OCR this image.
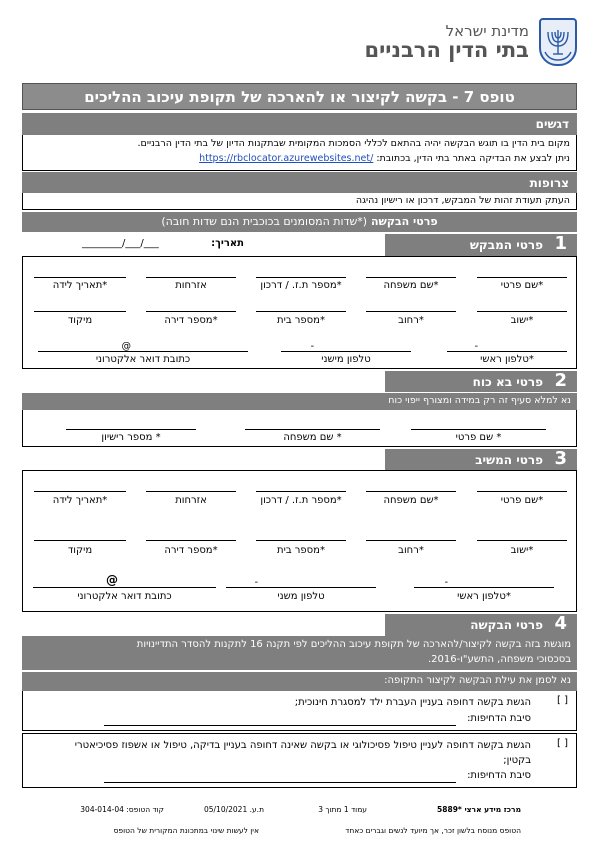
מדינת ישראל
בתי הדין הרבניים
טופס 7 - בקשה לקיצור או להארכה של תקופת עיכוב ההליכים
דגשים
מקום בית הדין בו תוגש הבקשה יהיה בהתאם לכללי הסמכות המקומית שבתקנות הדיון של בתי הדין הרבניים.
ניתן לבצע את הבדיקה באתר בתי הדין, בכתובת: https://rbclocator.azurewebsites.net/
צרופות
העתק תעודת זהות של המבקש, דרכון או רישיון נהיגה
פרטי הבקשה (*שדות המסומנים בכוכבית הנם שדות חובה)
1
פרטי המבקש
תאריך:
________/___/___
*שם פרטי
*שם משפחה
*מספר ת.ז. / דרכון
אזרחות
*תאריך לידה
*ישוב
*רחוב
*מספר בית
*מספר דירה
מיקוד
-
*טלפון ראשי
-
טלפון מישני
@
כתובת דואר אלקטרוני
2
פרטי בא כוח
נא למלא סעיף זה רק במידה ומצורף ייפוי כוח
* שם פרטי
* שם משפחה
* מספר רישיון
3
פרטי המשיב
*שם פרטי
*שם משפחה
*מספר ת.ז. / דרכון
אזרחות
*תאריך לידה
*ישוב
*רחוב
*מספר בית
*מספר דירה
מיקוד
-
*טלפון ראשי
-
טלפון משני
@
כתובת דואר אלקטרוני
4
פרטי הבקשה
מוגשת בזה בקשה לקיצור/להארכה של תקופת עיכוב ההליכים לפי תקנה 16 לתקנות להסדר התדיינויות
בסכסוכי משפחה, התשע"ו-2016.
נא לסמן את עילת הבקשה לקיצור התקופה:
[ ]
הגשת בקשה דחופה בעניין העברת ילד למסגרת חינוכית;
סיבת הדחיפות:
[ ]
הגשת בקשה דחופה לעניין טיפול פסיכולוגי או בקשה שאינה דחופה בעניין בדיקה, טיפול או אשפוז פסיכיאטרי
בקטין;
סיבת הדחיפות:
מרכז מידע ארצי *5889
עמוד 1 מתוך 3
ת.ע. 05/10/2021
קוד הטופס: 304-014-04
הטופס מנוסח בלשון זכר, אך מיועד לנשים וגברים כאחד
אין לעשות שינוי במתכונת המקורית של הטופס
